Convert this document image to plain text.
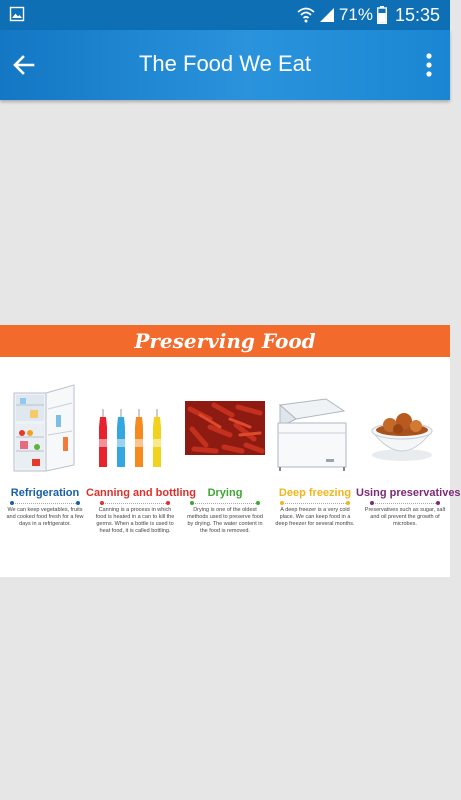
71% 15:35
The Food We Eat
Preserving Food
Refrigeration
We can keep vegetables, fruits and cooked food fresh for a few days in a refrigerator.
Canning and bottling
Canning is a process in which food is heated in a can to kill the germs. When a bottle is used to heat food, it is called bottling.
Drying
Drying is one of the oldest methods used to preserve food by drying. The water content in the food is removed.
Deep freezing
A deep freezer is a very cold place. We can keep food in a deep freezer for several months.
Using preservatives
Preservatives such as sugar, salt and oil prevent the growth of microbes.
